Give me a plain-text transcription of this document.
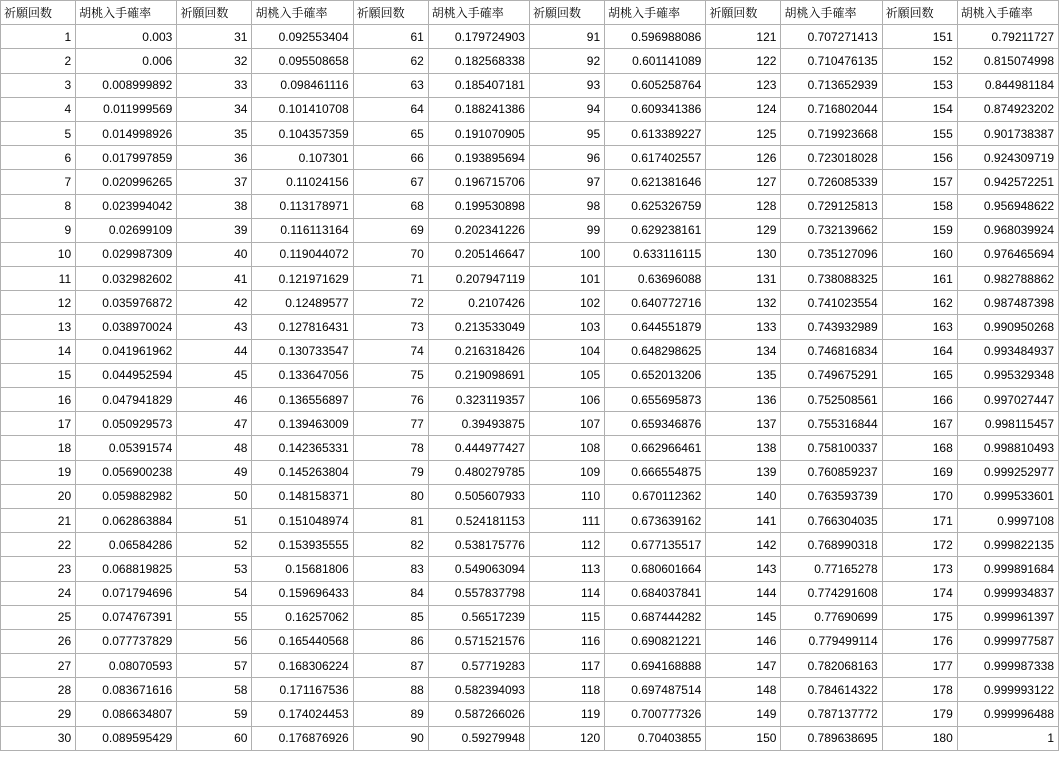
祈願回数	胡桃入手確率	祈願回数	胡桃入手確率	祈願回数	胡桃入手確率	祈願回数	胡桃入手確率	祈願回数	胡桃入手確率	祈願回数	胡桃入手確率
1	0.003	31	0.092553404	61	0.179724903	91	0.596988086	121	0.707271413	151	0.79211727
2	0.006	32	0.095508658	62	0.182568338	92	0.601141089	122	0.710476135	152	0.815074998
3	0.008999892	33	0.098461116	63	0.185407181	93	0.605258764	123	0.713652939	153	0.844981184
4	0.011999569	34	0.101410708	64	0.188241386	94	0.609341386	124	0.716802044	154	0.874923202
5	0.014998926	35	0.104357359	65	0.191070905	95	0.613389227	125	0.719923668	155	0.901738387
6	0.017997859	36	0.107301	66	0.193895694	96	0.617402557	126	0.723018028	156	0.924309719
7	0.020996265	37	0.11024156	67	0.196715706	97	0.621381646	127	0.726085339	157	0.942572251
8	0.023994042	38	0.113178971	68	0.199530898	98	0.625326759	128	0.729125813	158	0.956948622
9	0.02699109	39	0.116113164	69	0.202341226	99	0.629238161	129	0.732139662	159	0.968039924
10	0.029987309	40	0.119044072	70	0.205146647	100	0.633116115	130	0.735127096	160	0.976465694
11	0.032982602	41	0.121971629	71	0.207947119	101	0.63696088	131	0.738088325	161	0.982788862
12	0.035976872	42	0.12489577	72	0.2107426	102	0.640772716	132	0.741023554	162	0.987487398
13	0.038970024	43	0.127816431	73	0.213533049	103	0.644551879	133	0.743932989	163	0.990950268
14	0.041961962	44	0.130733547	74	0.216318426	104	0.648298625	134	0.746816834	164	0.993484937
15	0.044952594	45	0.133647056	75	0.219098691	105	0.652013206	135	0.749675291	165	0.995329348
16	0.047941829	46	0.136556897	76	0.323119357	106	0.655695873	136	0.752508561	166	0.997027447
17	0.050929573	47	0.139463009	77	0.39493875	107	0.659346876	137	0.755316844	167	0.998115457
18	0.05391574	48	0.142365331	78	0.444977427	108	0.662966461	138	0.758100337	168	0.998810493
19	0.056900238	49	0.145263804	79	0.480279785	109	0.666554875	139	0.760859237	169	0.999252977
20	0.059882982	50	0.148158371	80	0.505607933	110	0.670112362	140	0.763593739	170	0.999533601
21	0.062863884	51	0.151048974	81	0.524181153	111	0.673639162	141	0.766304035	171	0.9997108
22	0.06584286	52	0.153935555	82	0.538175776	112	0.677135517	142	0.768990318	172	0.999822135
23	0.068819825	53	0.15681806	83	0.549063094	113	0.680601664	143	0.77165278	173	0.999891684
24	0.071794696	54	0.159696433	84	0.557837798	114	0.684037841	144	0.774291608	174	0.999934837
25	0.074767391	55	0.16257062	85	0.56517239	115	0.687444282	145	0.77690699	175	0.999961397
26	0.077737829	56	0.165440568	86	0.571521576	116	0.690821221	146	0.779499114	176	0.999977587
27	0.08070593	57	0.168306224	87	0.57719283	117	0.694168888	147	0.782068163	177	0.999987338
28	0.083671616	58	0.171167536	88	0.582394093	118	0.697487514	148	0.784614322	178	0.999993122
29	0.086634807	59	0.174024453	89	0.587266026	119	0.700777326	149	0.787137772	179	0.999996488
30	0.089595429	60	0.176876926	90	0.59279948	120	0.70403855	150	0.789638695	180	1
